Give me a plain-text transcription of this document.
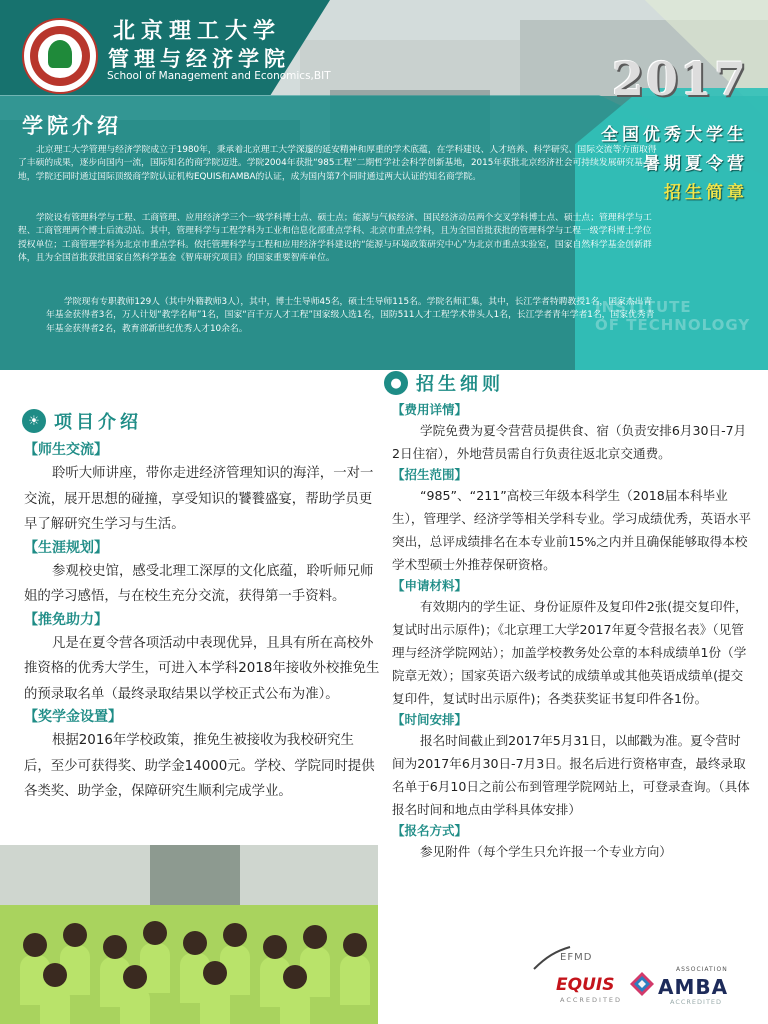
北京理工大学
管理与经济学院
School of Management and Economics,BIT	2017
全国优秀大学生
暑期夏令营
招生简章
学院介绍
北京理工大学管理与经济学院成立于1980年，秉承着北京理工大学深邃的延安精神和厚重的学术底蕴，在学科建设、人才培养、科学研究、国际交流等方面取得了丰硕的成果，逐步向国内一流，国际知名的商学院迈进。学院2004年获批“985工程”二期哲学社会科学创新基地，2015年获批北京经济社会可持续发展研究基地，学院还同时通过国际顶级商学院认证机构EQUIS和AMBA的认证，成为国内第7个同时通过两大认证的知名商学院。
学院设有管理科学与工程、工商管理、应用经济学三个一级学科博士点、硕士点；能源与气候经济、国民经济动员两个交叉学科博士点、硕士点；管理科学与工程、工商管理两个博士后流动站。其中，管理科学与工程学科为工业和信息化部重点学科、北京市重点学科，且为全国首批获批的管理科学与工程一级学科博士学位授权单位；工商管理学科为北京市重点学科。依托管理科学与工程和应用经济学科建设的“能源与环境政策研究中心”为北京市重点实验室，国家自然科学基金创新群体，且为全国首批获批国家自然科学基金《智库研究项目》的国家重要智库单位。
学院现有专职教师129人（其中外籍教师3人），其中，博士生导师45名，硕士生导师115名。学院名师汇集，其中，长江学者特聘教授1名，国家杰出青年基金获得者3名，万人计划“教学名师”1名，国家“百千万人才工程”国家级人选1名，国防511人才工程学术带头人1名，长江学者青年学者1名，国家优秀青年基金获得者2名，教育部新世纪优秀人才10余名。
INSTITUTE
OF TECHNOLOGY
● 招生细则
【费用详情】
学院免费为夏令营营员提供食、宿（负责安排6月30日-7月2日住宿），外地营员需自行负责往返北京交通费。
【招生范围】
“985”、“211”高校三年级本科学生（2018届本科毕业生），管理学、经济学等相关学科专业。学习成绩优秀，英语水平突出，总评成绩排名在本专业前15%之内并且确保能够取得本校学术型硕士外推荐保研资格。
【申请材料】
有效期内的学生证、身份证原件及复印件2张(提交复印件，复试时出示原件)；《北京理工大学2017年夏令营报名表》（见管理与经济学院网站）；加盖学校教务处公章的本科成绩单1份（学院章无效）；国家英语六级考试的成绩单或其他英语成绩单(提交复印件，复试时出示原件)；各类获奖证书复印件各1份。
【时间安排】
报名时间截止到2017年5月31日，以邮戳为准。夏令营时间为2017年6月30日-7月3日。报名后进行资格审查，最终录取名单于6月10日之前公布到管理学院网站上，可登录查询。（具体报名时间和地点由学科具体安排）
【报名方式】
参见附件（每个学生只允许报一个专业方向）
☀ 项目介绍
【师生交流】
聆听大师讲座，带你走进经济管理知识的海洋，一对一交流，展开思想的碰撞，享受知识的饕餮盛宴，帮助学员更早了解研究生学习与生活。
【生涯规划】
参观校史馆，感受北理工深厚的文化底蕴，聆听师兄师姐的学习感悟，与在校生充分交流，获得第一手资料。
【推免助力】
凡是在夏令营各项活动中表现优异，且具有所在高校外推资格的优秀大学生，可进入本学科2018年接收外校推免生的预录取名单（最终录取结果以学校正式公布为准）。
【奖学金设置】
根据2016年学校政策，推免生被接收为我校研究生后，至少可获得奖、助学金14000元。学校、学院同时提供各类奖、助学金，保障研究生顺利完成学业。
EFMD
EQUIS
ACCREDITED
ASSOCIATION
AMBA
ACCREDITED
